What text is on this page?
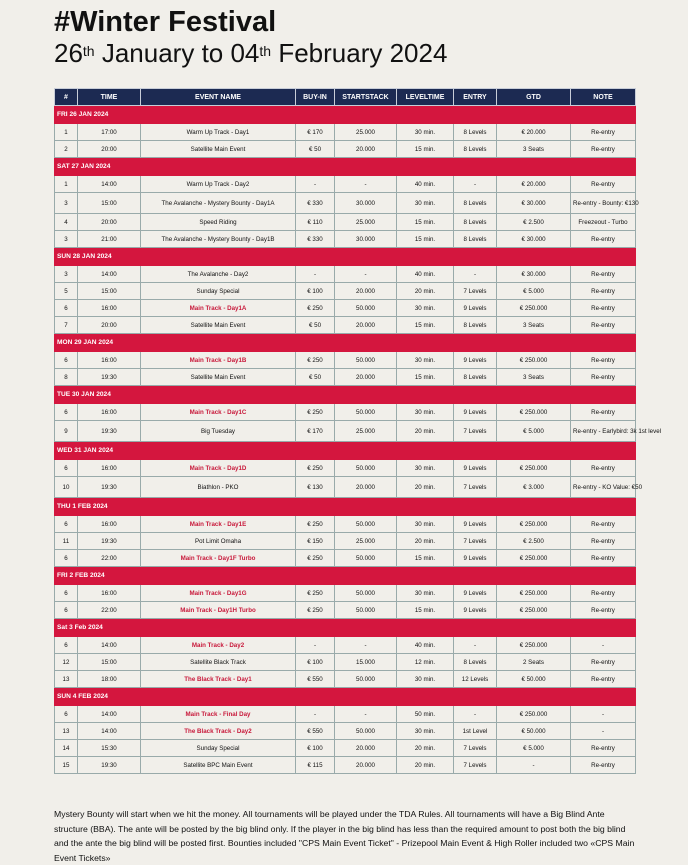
#Winter Festival
26th January to 04th February 2024
#	TIME	EVENT NAME	BUY-IN	STARTSTACK	LEVELTIME	ENTRY	GTD	NOTE
FRI 26 JAN 2024								
1	17:00	Warm Up Track - Day1	€ 170	25.000	30 min.	8 Levels	€ 20.000	Re-entry
2	20:00	Satellite Main Event	€ 50	20.000	15 min.	8 Levels	3 Seats	Re-entry
SAT 27 JAN 2024								
1	14:00	Warm Up Track - Day2	-	-	40 min.	-	€ 20.000	Re-entry
3	15:00	The Avalanche - Mystery Bounty - Day1A	€ 330	30.000	30 min.	8 Levels	€ 30.000	Re-entry - Bounty: €130
4	20:00	Speed Riding	€ 110	25.000	15 min.	8 Levels	€ 2.500	Freezeout - Turbo
3	21:00	The Avalanche - Mystery Bounty - Day1B	€ 330	30.000	15 min.	8 Levels	€ 30.000	Re-entry
SUN 28 JAN 2024								
3	14:00	The Avalanche - Day2	-	-	40 min.	-	€ 30.000	Re-entry
5	15:00	Sunday Special	€ 100	20.000	20 min.	7 Levels	€ 5.000	Re-entry
6	16:00	Main Track - Day1A	€ 250	50.000	30 min.	9 Levels	€ 250.000	Re-entry
7	20:00	Satellite Main Event	€ 50	20.000	15 min.	8 Levels	3 Seats	Re-entry
MON 29 JAN 2024								
6	16:00	Main Track - Day1B	€ 250	50.000	30 min.	9 Levels	€ 250.000	Re-entry
8	19:30	Satellite Main Event	€ 50	20.000	15 min.	8 Levels	3 Seats	Re-entry
TUE 30 JAN 2024								
6	16:00	Main Track - Day1C	€ 250	50.000	30 min.	9 Levels	€ 250.000	Re-entry
9	19:30	Big Tuesday	€ 170	25.000	20 min.	7 Levels	€ 5.000	Re-entry - Earlybird: 3k 1st level
WED 31 JAN 2024								
6	16:00	Main Track - Day1D	€ 250	50.000	30 min.	9 Levels	€ 250.000	Re-entry
10	19:30	Biathlon - PKO	€ 130	20.000	20 min.	7 Levels	€ 3.000	Re-entry - KO Value: €50
THU 1 FEB 2024								
6	16:00	Main Track - Day1E	€ 250	50.000	30 min.	9 Levels	€ 250.000	Re-entry
11	19:30	Pot Limit Omaha	€ 150	25.000	20 min.	7 Levels	€ 2.500	Re-entry
6	22:00	Main Track - Day1F Turbo	€ 250	50.000	15 min.	9 Levels	€ 250.000	Re-entry
FRI 2 FEB 2024								
6	16:00	Main Track - Day1G	€ 250	50.000	30 min.	9 Levels	€ 250.000	Re-entry
6	22:00	Main Track - Day1H Turbo	€ 250	50.000	15 min.	9 Levels	€ 250.000	Re-entry
Sat 3 Feb 2024								
6	14:00	Main Track - Day2	-	-	40 min.	-	€ 250.000	-
12	15:00	Satellite Black Track	€ 100	15.000	12 min.	8 Levels	2 Seats	Re-entry
13	18:00	The Black Track - Day1	€ 550	50.000	30 min.	12 Levels	€ 50.000	Re-entry
SUN 4 FEB 2024								
6	14:00	Main Track - Final Day	-	-	50 min.	-	€ 250.000	-
13	14:00	The Black Track - Day2	€ 550	50.000	30 min.	1st Level	€ 50.000	-
14	15:30	Sunday Special	€ 100	20.000	20 min.	7 Levels	€ 5.000	Re-entry
15	19:30	Satellite BPC Main Event	€ 115	20.000	20 min.	7 Levels	-	Re-entry
Mystery Bounty will start when we hit the money. All tournaments will be played under the TDA Rules. All tournaments will have a Big Blind Ante structure (BBA). The ante will be posted by the big blind only. If the player in the big blind has less than the required amount to post both the big blind and the ante the big blind will be posted first. Bounties included "CPS Main Event Ticket" - Prizepool Main Event & High Roller included two «CPS Main Event Tickets»
